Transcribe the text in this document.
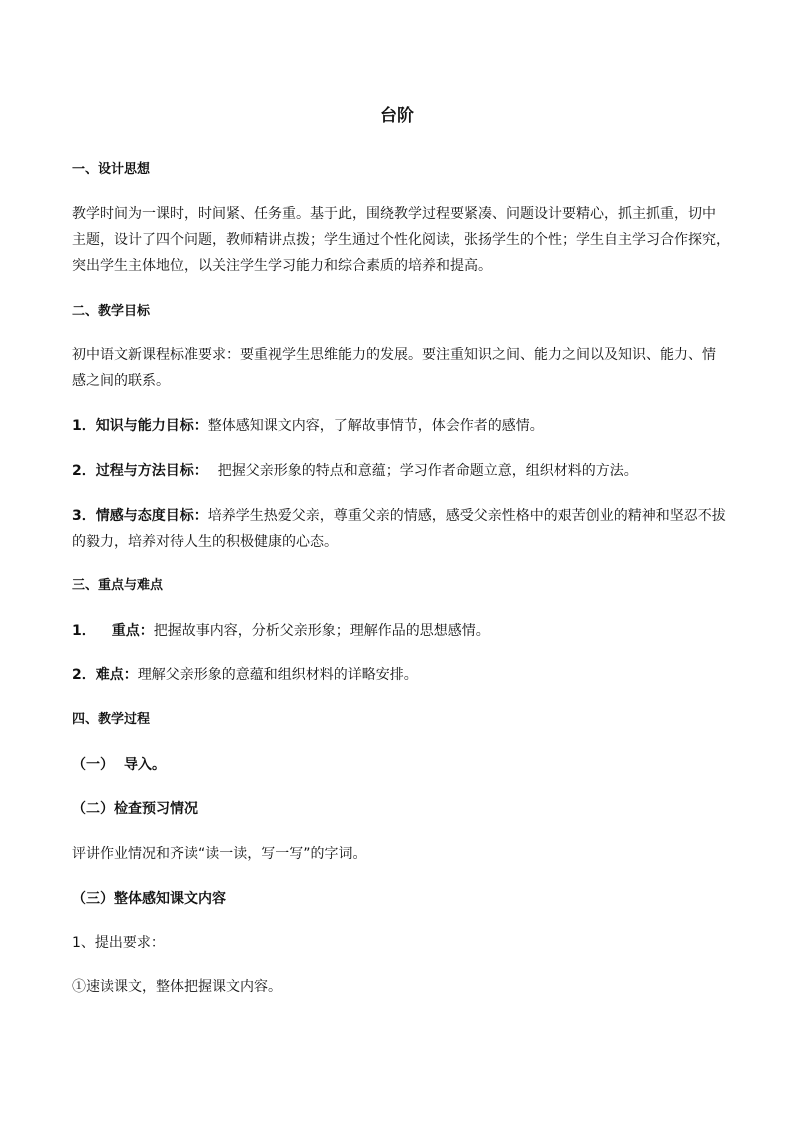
台阶
一、设计思想
教学时间为一课时，时间紧、任务重。基于此，围绕教学过程要紧凑、问题设计要精心，抓主抓重，切中
主题，设计了四个问题，教师精讲点拨；学生通过个性化阅读，张扬学生的个性；学生自主学习合作探究，
突出学生主体地位，以关注学生学习能力和综合素质的培养和提高。
二、教学目标
初中语文新课程标准要求：要重视学生思维能力的发展。要注重知识之间、能力之间以及知识、能力、情
感之间的联系。
1．知识与能力目标：整体感知课文内容，了解故事情节，体会作者的感情。
2．过程与方法目标： 把握父亲形象的特点和意蕴；学习作者命题立意，组织材料的方法。
3．情感与态度目标：培养学生热爱父亲，尊重父亲的情感，感受父亲性格中的艰苦创业的精神和坚忍不拔
的毅力，培养对待人生的积极健康的心态。
三、重点与难点
1． 重点：把握故事内容，分析父亲形象；理解作品的思想感情。
2．难点：理解父亲形象的意蕴和组织材料的详略安排。
四、教学过程
（一） 导入。
（二）检查预习情况
评讲作业情况和齐读“读一读，写一写”的字词。
（三）整体感知课文内容
1、提出要求：
①速读课文，整体把握课文内容。
